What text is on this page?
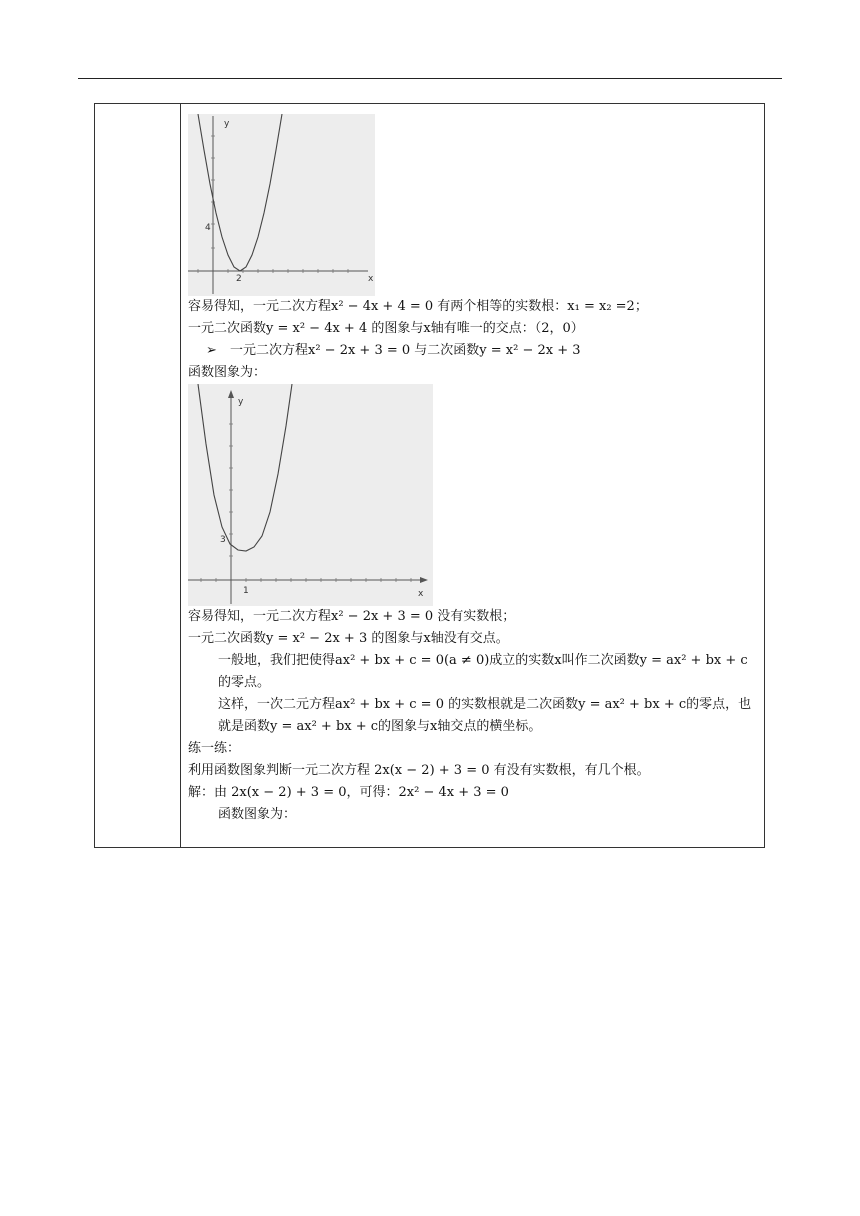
y
x
4
2
容易得知，一元二次方程x² − 4x + 4 = 0 有两个相等的实数根：x₁ = x₂ =2；
一元二次函数y = x² − 4x + 4 的图象与x轴有唯一的交点：（2，0）
➢ 一元二次方程x² − 2x + 3 = 0 与二次函数y = x² − 2x + 3
函数图象为：
y
x
3
1
容易得知，一元二次方程x² − 2x + 3 = 0 没有实数根；
一元二次函数y = x² − 2x + 3 的图象与x轴没有交点。
一般地，我们把使得ax² + bx + c = 0(a ≠ 0)成立的实数x叫作二次函数y = ax² + bx + c的零点。
这样，一次二元方程ax² + bx + c = 0 的实数根就是二次函数y = ax² + bx + c的零点，也就是函数y = ax² + bx + c的图象与x轴交点的横坐标。
练一练：
利用函数图象判断一元二次方程 2x(x − 2) + 3 = 0 有没有实数根，有几个根。
解：由 2x(x − 2) + 3 = 0，可得：2x² − 4x + 3 = 0
函数图象为：
